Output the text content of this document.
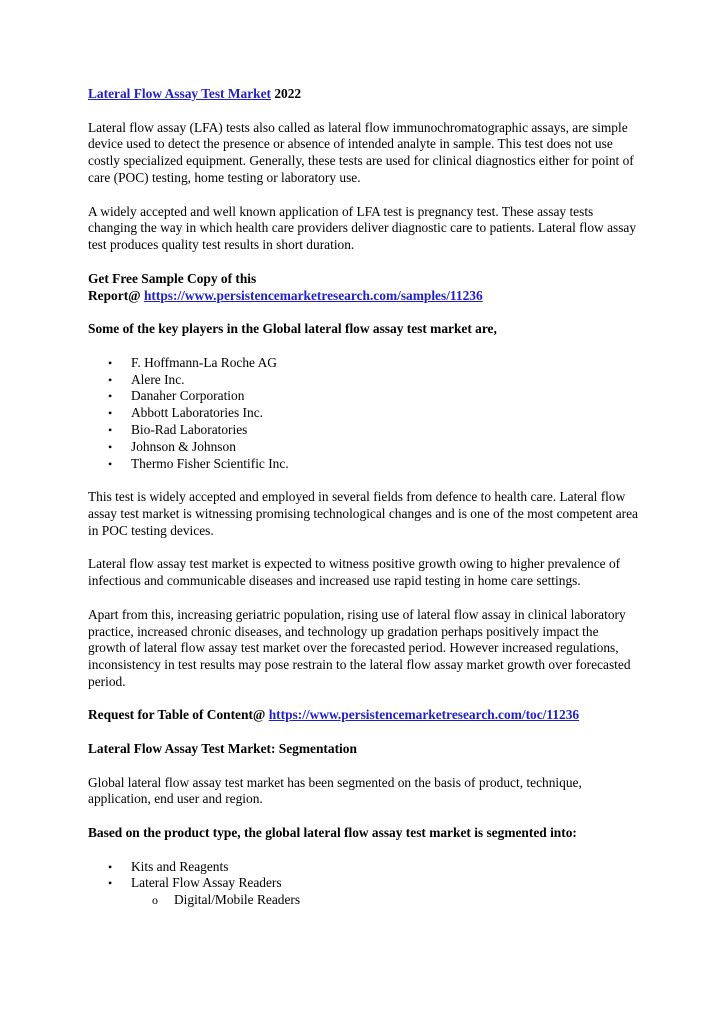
Lateral Flow Assay Test Market 2022

Lateral flow assay (LFA) tests also called as lateral flow immunochromatographic assays, are simple device used to detect the presence or absence of intended analyte in sample. This test does not use costly specialized equipment. Generally, these tests are used for clinical diagnostics either for point of care (POC) testing, home testing or laboratory use.

A widely accepted and well known application of LFA test is pregnancy test. These assay tests changing the way in which health care providers deliver diagnostic care to patients. Lateral flow assay test produces quality test results in short duration.

Get Free Sample Copy of this

Report@ https://www.persistencemarketresearch.com/samples/11236

Some of the key players in the Global lateral flow assay test market are,

• F. Hoffmann-La Roche AG
• Alere Inc.
• Danaher Corporation
• Abbott Laboratories Inc.
• Bio-Rad Laboratories
• Johnson & Johnson
• Thermo Fisher Scientific Inc.

This test is widely accepted and employed in several fields from defence to health care. Lateral flow assay test market is witnessing promising technological changes and is one of the most competent area in POC testing devices.

Lateral flow assay test market is expected to witness positive growth owing to higher prevalence of infectious and communicable diseases and increased use rapid testing in home care settings.

Apart from this, increasing geriatric population, rising use of lateral flow assay in clinical laboratory practice, increased chronic diseases, and technology up gradation perhaps positively impact the growth of lateral flow assay test market over the forecasted period. However increased regulations, inconsistency in test results may pose restrain to the lateral flow assay market growth over forecasted period.

Request for Table of Content@ https://www.persistencemarketresearch.com/toc/11236

Lateral Flow Assay Test Market: Segmentation

Global lateral flow assay test market has been segmented on the basis of product, technique, application, end user and region.

Based on the product type, the global lateral flow assay test market is segmented into:

• Kits and Reagents
• Lateral Flow Assay Readers
o Digital/Mobile Readers
